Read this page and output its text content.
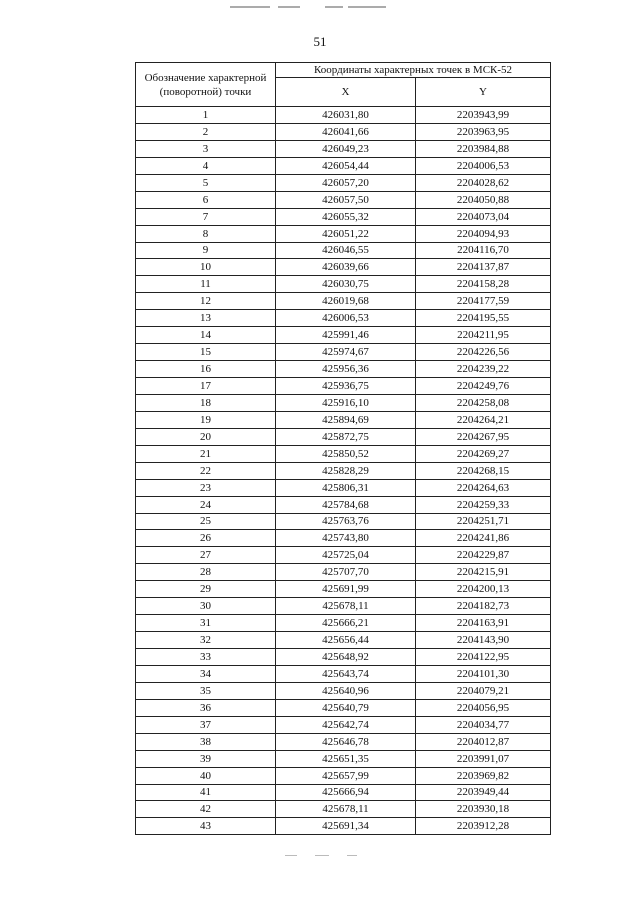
51
Обозначение характерной (поворотной) точки	Координаты характерных точек в МСК-52	
	X	Y
1	426031,80	2203943,99
2	426041,66	2203963,95
3	426049,23	2203984,88
4	426054,44	2204006,53
5	426057,20	2204028,62
6	426057,50	2204050,88
7	426055,32	2204073,04
8	426051,22	2204094,93
9	426046,55	2204116,70
10	426039,66	2204137,87
11	426030,75	2204158,28
12	426019,68	2204177,59
13	426006,53	2204195,55
14	425991,46	2204211,95
15	425974,67	2204226,56
16	425956,36	2204239,22
17	425936,75	2204249,76
18	425916,10	2204258,08
19	425894,69	2204264,21
20	425872,75	2204267,95
21	425850,52	2204269,27
22	425828,29	2204268,15
23	425806,31	2204264,63
24	425784,68	2204259,33
25	425763,76	2204251,71
26	425743,80	2204241,86
27	425725,04	2204229,87
28	425707,70	2204215,91
29	425691,99	2204200,13
30	425678,11	2204182,73
31	425666,21	2204163,91
32	425656,44	2204143,90
33	425648,92	2204122,95
34	425643,74	2204101,30
35	425640,96	2204079,21
36	425640,79	2204056,95
37	425642,74	2204034,77
38	425646,78	2204012,87
39	425651,35	2203991,07
40	425657,99	2203969,82
41	425666,94	2203949,44
42	425678,11	2203930,18
43	425691,34	2203912,28
